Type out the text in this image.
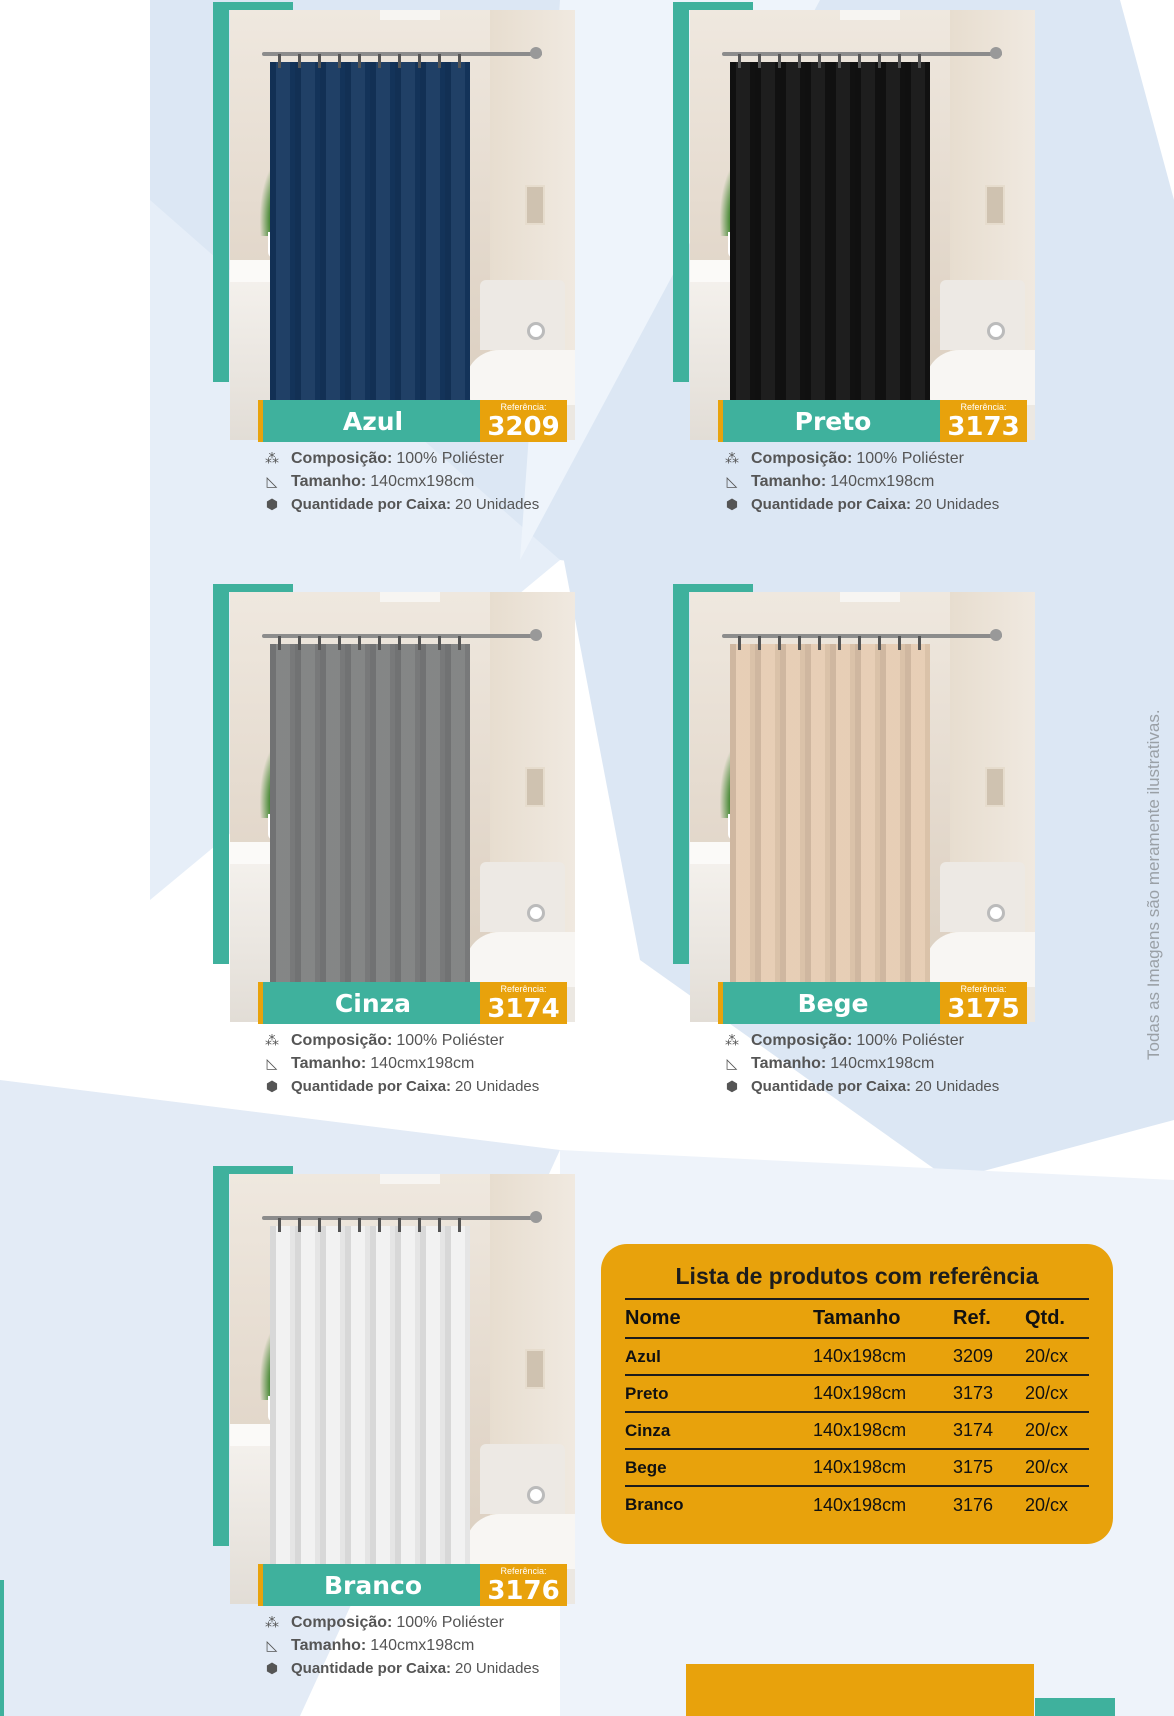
Azul	Referência:
3209
⁂ Composição: 100% Poliéster
◺ Tamanho: 140cmx198cm
⬢ Quantidade por Caixa: 20 Unidades
Preto	Referência:
3173
⁂ Composição: 100% Poliéster
◺ Tamanho: 140cmx198cm
⬢ Quantidade por Caixa: 20 Unidades
Cinza	Referência:
3174
⁂ Composição: 100% Poliéster
◺ Tamanho: 140cmx198cm
⬢ Quantidade por Caixa: 20 Unidades
Bege	Referência:
3175
⁂ Composição: 100% Poliéster
◺ Tamanho: 140cmx198cm
⬢ Quantidade por Caixa: 20 Unidades
Branco	Referência:
3176
⁂ Composição: 100% Poliéster
◺ Tamanho: 140cmx198cm
⬢ Quantidade por Caixa: 20 Unidades
Lista de produtos com referência
Nome	Tamanho	Ref.	Qtd.
Azul	140x198cm	3209	20/cx
Preto	140x198cm	3173	20/cx
Cinza	140x198cm	3174	20/cx
Bege	140x198cm	3175	20/cx
Branco	140x198cm	3176	20/cx
Todas as Imagens são meramente ilustrativas.
